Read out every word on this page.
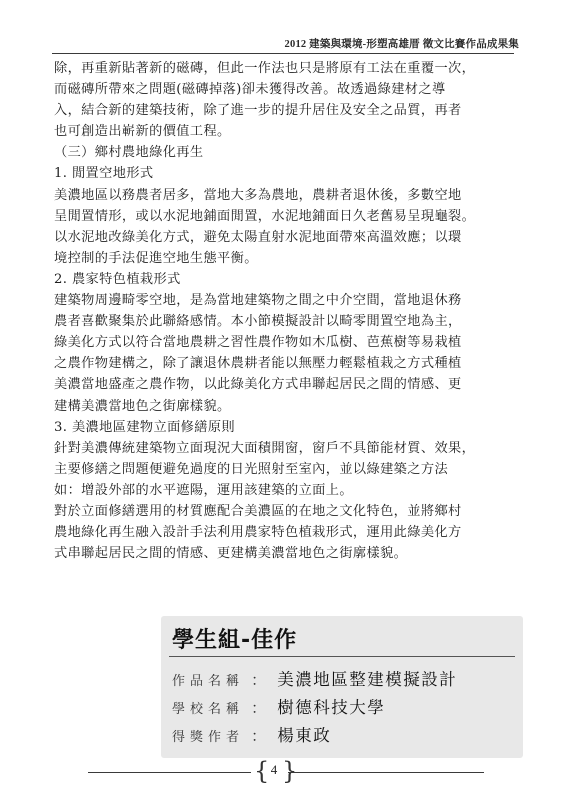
2012 建築與環境-形塑高雄厝 徵文比賽作品成果集
除，再重新貼著新的磁磚，但此一作法也只是將原有工法在重覆一次，
而磁磚所帶來之問題(磁磚掉落)卻未獲得改善。故透過綠建材之導
入，結合新的建築技術，除了進一步的提升居住及安全之品質，再者
也可創造出嶄新的價值工程。
（三）鄉村農地綠化再生
1. 閒置空地形式
美濃地區以務農者居多，當地大多為農地，農耕者退休後，多數空地
呈閒置情形，或以水泥地鋪面閒置，水泥地鋪面日久老舊易呈現龜裂。
以水泥地改綠美化方式，避免太陽直射水泥地面帶來高溫效應；以環
境控制的手法促進空地生態平衡。
2. 農家特色植栽形式
建築物周邊畸零空地，是為當地建築物之間之中介空間，當地退休務
農者喜歡聚集於此聯絡感情。本小節模擬設計以畸零閒置空地為主，
綠美化方式以符合當地農耕之習性農作物如木瓜樹、芭蕉樹等易栽植
之農作物建構之，除了讓退休農耕者能以無壓力輕鬆植栽之方式種植
美濃當地盛產之農作物，以此綠美化方式串聯起居民之間的情感、更
建構美濃當地色之街廓樣貌。
3. 美濃地區建物立面修繕原則
針對美濃傳統建築物立面現況大面積開窗，窗戶不具節能材質、效果，
主要修繕之問題便避免過度的日光照射至室內，並以綠建築之方法
如：增設外部的水平遮陽，運用該建築的立面上。
對於立面修繕選用的材質應配合美濃區的在地之文化特色，並將鄉村
農地綠化再生融入設計手法利用農家特色植栽形式，運用此綠美化方
式串聯起居民之間的情感、更建構美濃當地色之街廓樣貌。
學生組-佳作
作品名稱 ： 美濃地區整建模擬設計
學校名稱 ： 樹德科技大學
得獎作者 ： 楊東政
{ 4 }
